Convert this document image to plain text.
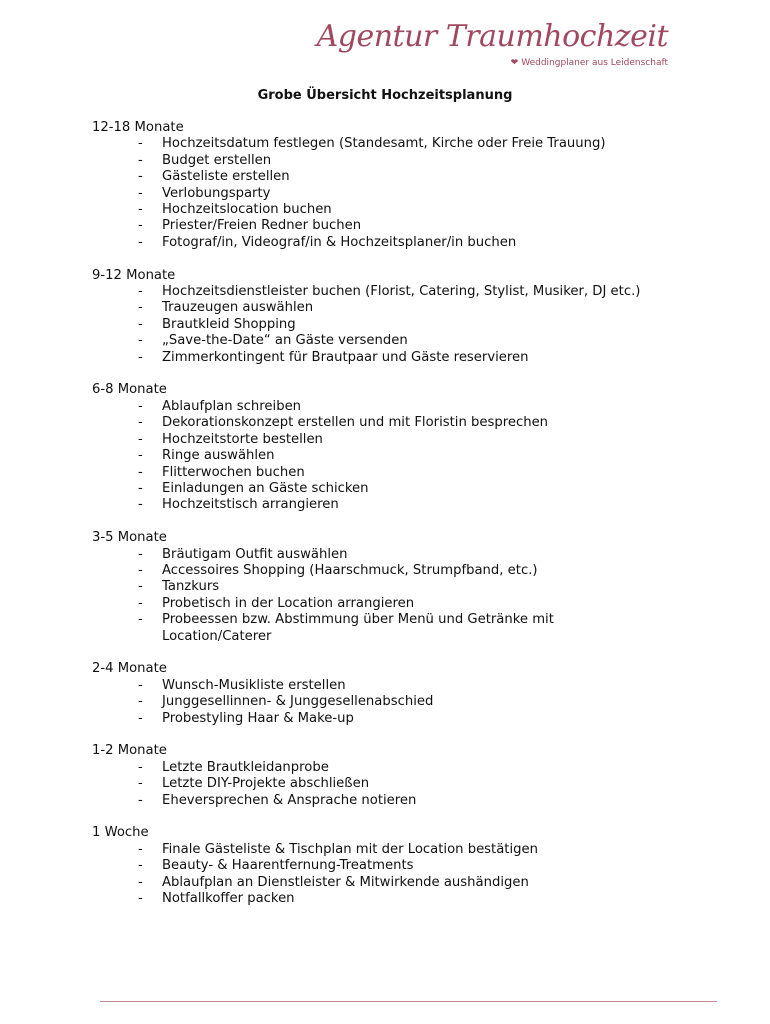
Agentur Traumhochzeit
❤ Weddingplaner aus Leidenschaft
Grobe Übersicht Hochzeitsplanung
12-18 Monate
- Hochzeitsdatum festlegen (Standesamt, Kirche oder Freie Trauung)
- Budget erstellen
- Gästeliste erstellen
- Verlobungsparty
- Hochzeitslocation buchen
- Priester/Freien Redner buchen
- Fotograf/in, Videograf/in & Hochzeitsplaner/in buchen
9-12 Monate
- Hochzeitsdienstleister buchen (Florist, Catering, Stylist, Musiker, DJ etc.)
- Trauzeugen auswählen
- Brautkleid Shopping
- „Save-the-Date“ an Gäste versenden
- Zimmerkontingent für Brautpaar und Gäste reservieren
6-8 Monate
- Ablaufplan schreiben
- Dekorationskonzept erstellen und mit Floristin besprechen
- Hochzeitstorte bestellen
- Ringe auswählen
- Flitterwochen buchen
- Einladungen an Gäste schicken
- Hochzeitstisch arrangieren
3-5 Monate
- Bräutigam Outfit auswählen
- Accessoires Shopping (Haarschmuck, Strumpfband, etc.)
- Tanzkurs
- Probetisch in der Location arrangieren
- Probeessen bzw. Abstimmung über Menü und Getränke mit Location/Caterer
2-4 Monate
- Wunsch-Musikliste erstellen
- Junggesellinnen- & Junggesellenabschied
- Probestyling Haar & Make-up
1-2 Monate
- Letzte Brautkleidanprobe
- Letzte DIY-Projekte abschließen
- Eheversprechen & Ansprache notieren
1 Woche
- Finale Gästeliste & Tischplan mit der Location bestätigen
- Beauty- & Haarentfernung-Treatments
- Ablaufplan an Dienstleister & Mitwirkende aushändigen
- Notfallkoffer packen
